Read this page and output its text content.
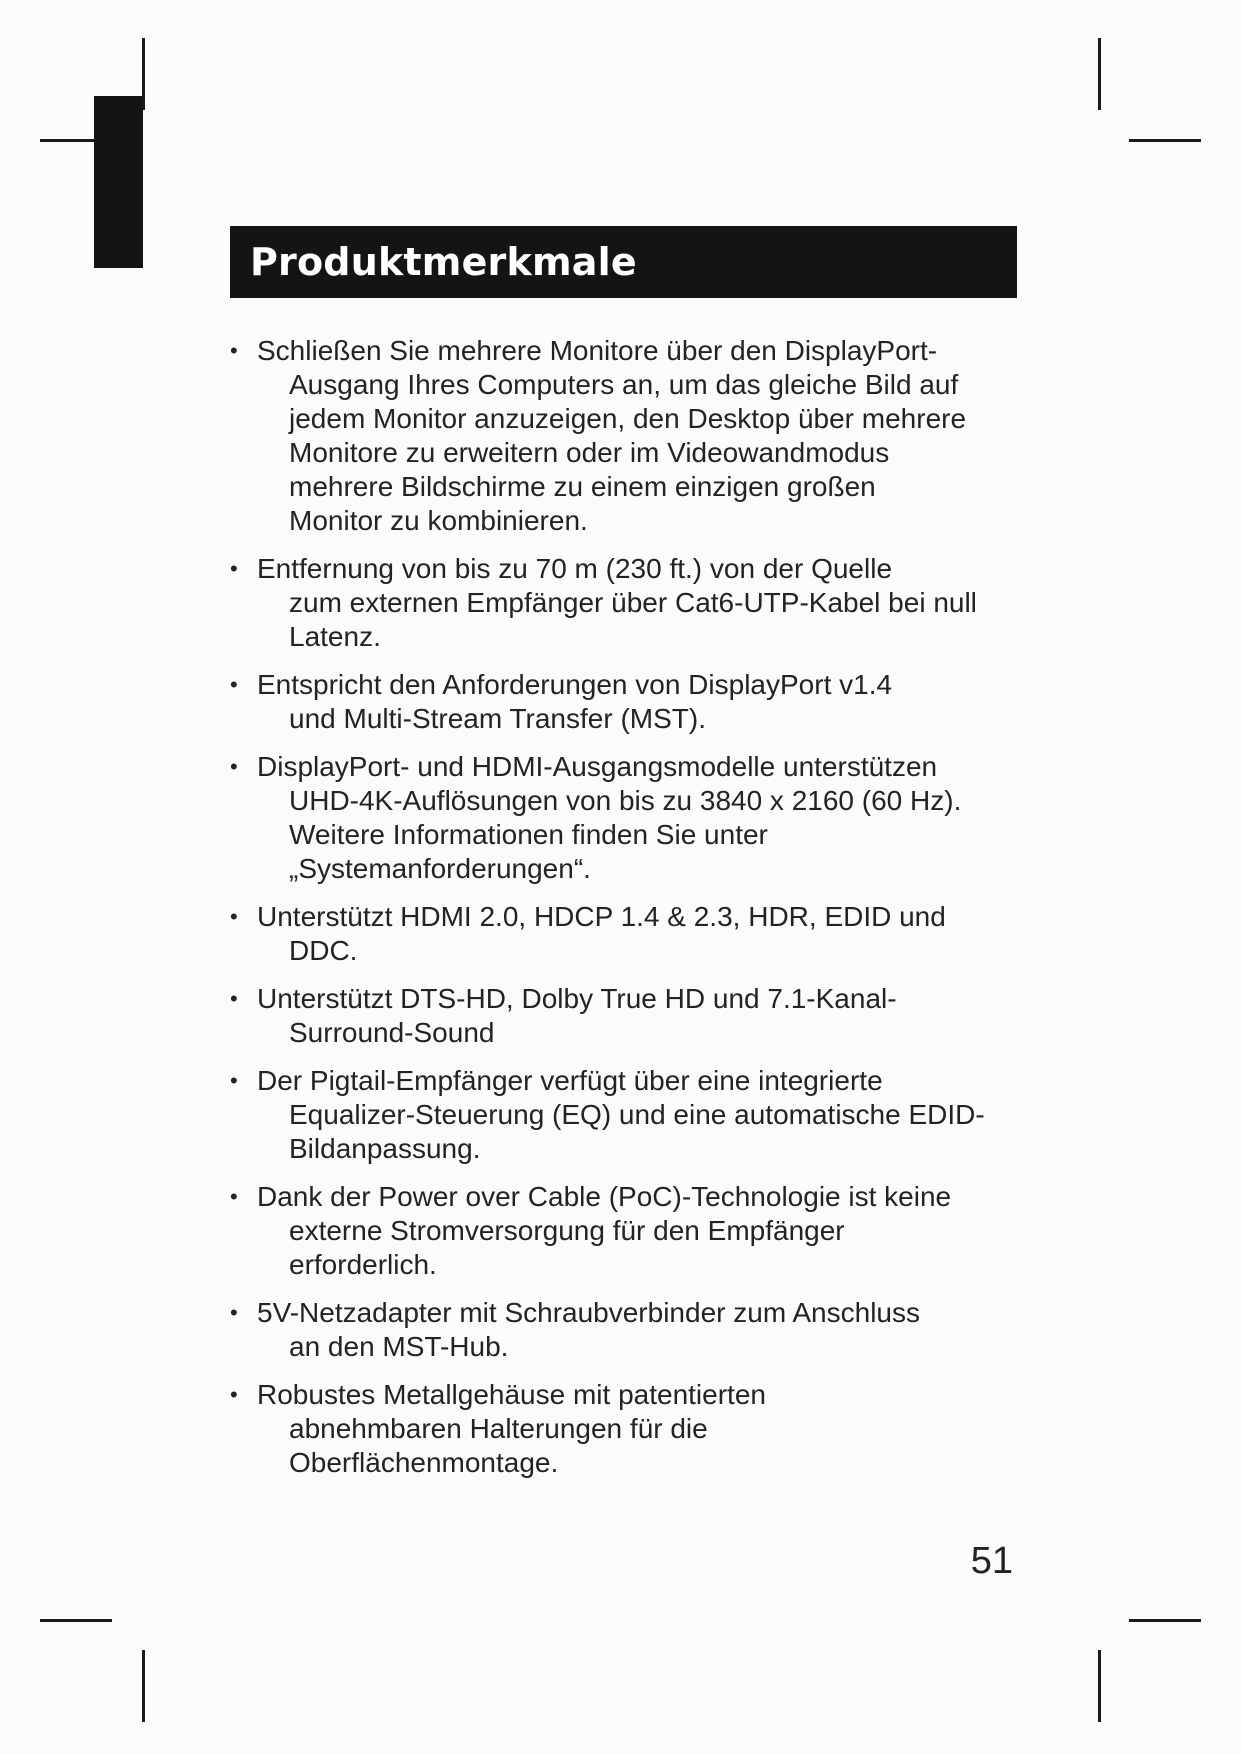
Produktmerkmale
• Schließen Sie mehrere Monitore über den DisplayPort-
Ausgang Ihres Computers an, um das gleiche Bild auf
jedem Monitor anzuzeigen, den Desktop über mehrere
Monitore zu erweitern oder im Videowandmodus
mehrere Bildschirme zu einem einzigen großen
Monitor zu kombinieren.
• Entfernung von bis zu 70 m (230 ft.) von der Quelle
zum externen Empfänger über Cat6-UTP-Kabel bei null
Latenz.
• Entspricht den Anforderungen von DisplayPort v1.4
und Multi-Stream Transfer (MST).
• DisplayPort- und HDMI-Ausgangsmodelle unterstützen
UHD-4K-Auflösungen von bis zu 3840 x 2160 (60 Hz).
Weitere Informationen finden Sie unter
„Systemanforderungen“.
• Unterstützt HDMI 2.0, HDCP 1.4 & 2.3, HDR, EDID und
DDC.
• Unterstützt DTS-HD, Dolby True HD und 7.1-Kanal-
Surround-Sound
• Der Pigtail-Empfänger verfügt über eine integrierte
Equalizer-Steuerung (EQ) und eine automatische EDID-
Bildanpassung.
• Dank der Power over Cable (PoC)-Technologie ist keine
externe Stromversorgung für den Empfänger
erforderlich.
• 5V-Netzadapter mit Schraubverbinder zum Anschluss
an den MST-Hub.
• Robustes Metallgehäuse mit patentierten
abnehmbaren Halterungen für die
Oberflächenmontage.
51
